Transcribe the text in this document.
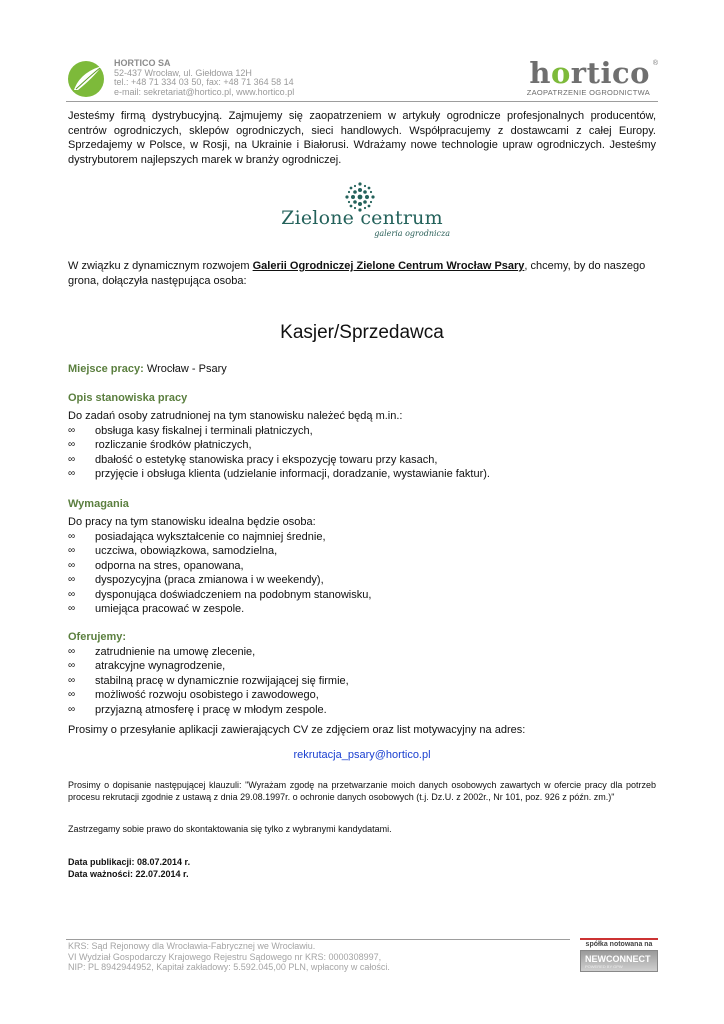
HORTICO SA
52-437 Wrocław, ul. Giełdowa 12H
tel.: +48 71 334 03 50, fax: +48 71 364 58 14
e-mail: sekretariat@hortico.pl, www.hortico.pl
hortico ®
ZAOPATRZENIE OGRODNICTWA
Jesteśmy firmą dystrybucyjną. Zajmujemy się zaopatrzeniem w artykuły ogrodnicze profesjonalnych producentów, centrów ogrodniczych, sklepów ogrodniczych, sieci handlowych. Współpracujemy z dostawcami z całej Europy. Sprzedajemy w Polsce, w Rosji, na Ukrainie i Białorusi. Wdrażamy nowe technologie upraw ogrodniczych. Jesteśmy dystrybutorem najlepszych marek w branży ogrodniczej.
Zielone centrum
galeria ogrodnicza
W związku z dynamicznym rozwojem Galerii Ogrodniczej Zielone Centrum Wrocław Psary, chcemy, by do naszego grona, dołączyła następująca osoba:
Kasjer/Sprzedawca
Miejsce pracy: Wrocław - Psary
Opis stanowiska pracy
Do zadań osoby zatrudnionej na tym stanowisku należeć będą m.in.:
∞ obsługa kasy fiskalnej i terminali płatniczych,
∞ rozliczanie środków płatniczych,
∞ dbałość o estetykę stanowiska pracy i ekspozycję towaru przy kasach,
∞ przyjęcie i obsługa klienta (udzielanie informacji, doradzanie, wystawianie faktur).
Wymagania
Do pracy na tym stanowisku idealna będzie osoba:
∞ posiadająca wykształcenie co najmniej średnie,
∞ uczciwa, obowiązkowa, samodzielna,
∞ odporna na stres, opanowana,
∞ dyspozycyjna (praca zmianowa i w weekendy),
∞ dysponująca doświadczeniem na podobnym stanowisku,
∞ umiejąca pracować w zespole.
Oferujemy:
∞ zatrudnienie na umowę zlecenie,
∞ atrakcyjne wynagrodzenie,
∞ stabilną pracę w dynamicznie rozwijającej się firmie,
∞ możliwość rozwoju osobistego i zawodowego,
∞ przyjazną atmosferę i pracę w młodym zespole.
Prosimy o przesyłanie aplikacji zawierających CV ze zdjęciem oraz list motywacyjny na adres:
rekrutacja_psary@hortico.pl
Prosimy o dopisanie następującej klauzuli: "Wyrażam zgodę na przetwarzanie moich danych osobowych zawartych w ofercie pracy dla potrzeb procesu rekrutacji zgodnie z ustawą z dnia 29.08.1997r. o ochronie danych osobowych (t.j. Dz.U. z 2002r., Nr 101, poz. 926 z późn. zm.)"
Zastrzegamy sobie prawo do skontaktowania się tylko z wybranymi kandydatami.
Data publikacji: 08.07.2014 r.
Data ważności: 22.07.2014 r.
KRS: Sąd Rejonowy dla Wrocławia-Fabrycznej we Wrocławiu.
VI Wydział Gospodarczy Krajowego Rejestru Sądowego nr KRS: 0000308997,
NIP: PL 8942944952, Kapitał zakładowy: 5.592.045,00 PLN, wpłacony w całości.
spółka notowana na
NEWCONNECT
POWERED BY GPW
